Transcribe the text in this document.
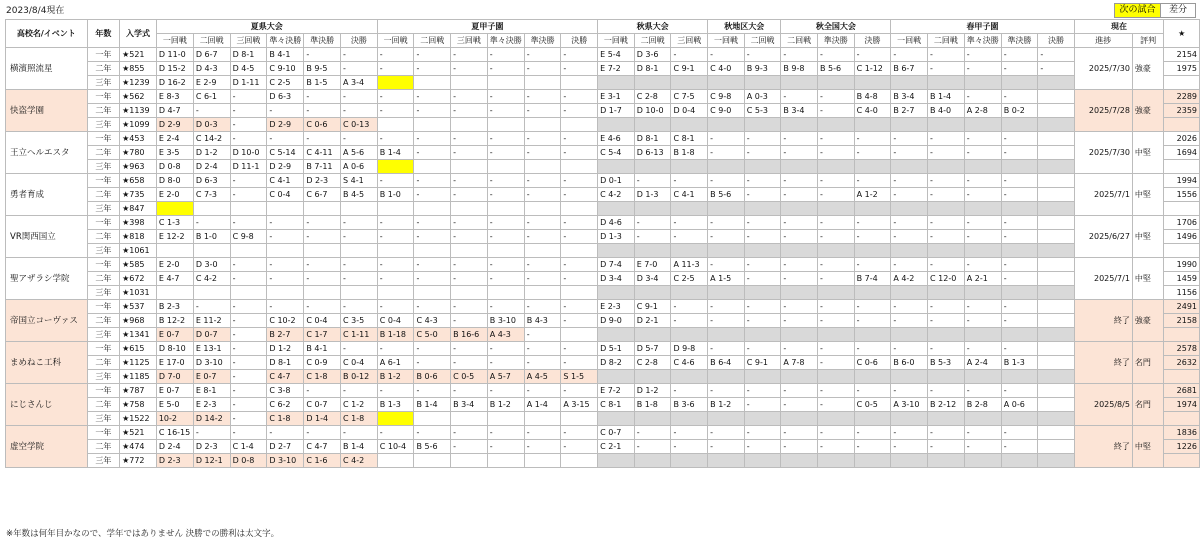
2023/8/4現在	次の試合	差分
高校名/イベント	年数	入学式	夏県大会						夏甲子園						秋県大会			秋地区大会		秋全国大会			春甲子園					現在		★
			一回戦	二回戦	三回戦	準々決勝	準決勝	決勝	一回戦	二回戦	三回戦	準々決勝	準決勝	決勝	一回戦	二回戦	三回戦	一回戦	二回戦	二回戦	準決勝	決勝	一回戦	二回戦	準々決勝	準決勝	決勝	進捗	評判	
横濱照流星	一年	★521	D 11-0	D 6-7	D 8-1	B 4-1	-	-	-	-	-	-	-	-	E 5-4	D 3-6	-	-	-	-	-	-	-	-	-	-	-	2025/7/30	強豪	2154
	二年	★855	D 15-2	D 4-3	D 4-5	C 9-10	B 9-5	-	-	-	-	-	-	-	E 7-2	D 8-1	C 9-1	C 4-0	B 9-3	B 9-8	B 5-6	C 1-12	B 6-7	-	-	-	-			1975
	三年	★1239	D 16-2	E 2-9	D 1-11	C 2-5	B 1-5	A 3-4																						
快盗学園	一年	★562	E 8-3	C 6-1	-	D 6-3	-	-	-	-	-	-	-	-	E 3-1	C 2-8	C 7-5	C 9-8	A 0-3	-	-	B 4-8	B 3-4	B 1-4	-	-		2025/7/28	強豪	2289
	二年	★1139	D 4-7	-	-	-	-	-	-	-	-	-	-	-	D 1-7	D 10-0	D 0-4	C 9-0	C 5-3	B 3-4	-	C 4-0	B 2-7	B 4-0	A 2-8	B 0-2				2359
	三年	★1099	D 2-9	D 0-3	-	D 2-9	C 0-6	C 0-13																						
王立ヘルエスタ	一年	★453	E 2-4	C 14-2	-	-	-	-	-	-	-	-	-	-	E 4-6	D 8-1	C 8-1	-	-	-	-	-	-	-	-	-		2025/7/30	中堅	2026
	二年	★780	E 3-5	D 1-2	D 10-0	C 5-14	C 4-11	A 5-6	B 1-4	-	-	-	-	-	C 5-4	D 6-13	B 1-8	-	-	-	-	-	-	-	-	-				1694
	三年	★963	D 0-8	D 2-4	D 11-1	D 2-9	B 7-11	A 0-6																						
勇者育成	一年	★658	D 8-0	D 6-3	-	C 4-1	D 2-3	S 4-1	-	-	-	-	-	-	D 0-1	-	-	-	-	-	-	-	-	-	-	-		2025/7/1	中堅	1994
	二年	★735	E 2-0	C 7-3	-	C 0-4	C 6-7	B 4-5	B 1-0	-	-	-	-	-	C 4-2	D 1-3	C 4-1	B 5-6	-	-	-	A 1-2	-	-	-	-				1556
	三年	★847																												
VR関西国立	一年	★398	C 1-3	-	-	-	-	-	-	-	-	-	-	-	D 4-6	-	-	-	-	-	-	-	-	-	-	-		2025/6/27	中堅	1706
	二年	★818	E 12-2	B 1-0	C 9-8	-	-	-	-	-	-	-	-	-	D 1-3	-	-	-	-	-	-	-	-	-	-	-				1496
	三年	★1061																												
聖アザラシ学院	一年	★585	E 2-0	D 3-0	-	-	-	-	-	-	-	-	-	-	D 7-4	E 7-0	A 11-3	-	-	-	-	-	-	-	-	-		2025/7/1	中堅	1990
	二年	★672	E 4-7	C 4-2	-	-	-	-	-	-	-	-	-	-	D 3-4	D 3-4	C 2-5	A 1-5	-	-	-	B 7-4	A 4-2	C 12-0	A 2-1	-				1459
	三年	★1031																												1156
帝国立コーヴァス	一年	★537	B 2-3	-	-	-	-	-	-	-	-	-	-	-	E 2-3	C 9-1	-	-	-	-	-	-	-	-	-	-		終了	強豪	2491
	二年	★968	B 12-2	E 11-2	-	C 10-2	C 0-4	C 3-5	C 0-4	C 4-3	-	B 3-10	B 4-3	-	D 9-0	D 2-1	-	-	-	-	-	-	-	-	-	-				2158
	三年	★1341	E 0-7	D 0-7	-	B 2-7	C 1-7	C 1-11	B 1-18	C 5-0	B 16-6	A 4-3	-																	
まめねこ工科	一年	★615	D 8-10	E 13-1	-	D 1-2	B 4-1	-	-	-	-	-	-	-	D 5-1	D 5-7	D 9-8	-	-	-	-	-	-	-	-	-		終了	名門	2578
	二年	★1125	E 17-0	D 3-10	-	D 8-1	C 0-9	C 0-4	A 6-1	-	-	-	-	-	D 8-2	C 2-8	C 4-6	B 6-4	C 9-1	A 7-8	-	C 0-6	B 6-0	B 5-3	A 2-4	B 1-3				2632
	三年	★1185	D 7-0	E 0-7	-	C 4-7	C 1-8	B 0-12	B 1-2	B 0-6	C 0-5	A 5-7	A 4-5	S 1-5																
にじさんじ	一年	★787	E 0-7	E 8-1	-	C 3-8	-	-	-	-	-	-	-	-	E 7-2	D 1-2	-	-	-	-	-	-	-	-	-	-		2025/8/5	名門	2681
	二年	★758	E 5-0	E 2-3	-	C 6-2	C 0-7	C 1-2	B 1-3	B 1-4	B 3-4	B 1-2	A 1-4	A 3-15	C 8-1	B 1-8	B 3-6	B 1-2	-	-	-	C 0-5	A 3-10	B 2-12	B 2-8	A 0-6				1974
	三年	★1522	10-2	D 14-2	-	C 1-8	D 1-4	C 1-8																						
虚空学院	一年	★521	C 16-15	-	-	-	-	-	-	-	-	-	-	-	C 0-7	-	-	-	-	-	-	-	-	-	-	-		終了	中堅	1836
	二年	★474	D 2-4	D 2-3	C 1-4	D 2-7	C 4-7	B 1-4	C 10-4	B 5-6	-	-	-	-	C 2-1	-	-	-	-	-	-	-	-	-	-	-				1226
	三年	★772	D 2-3	D 12-1	D 0-8	D 3-10	C 1-6	C 4-2																						
※年数は何年目かなので、学年ではありません 決勝での勝利は太文字。
